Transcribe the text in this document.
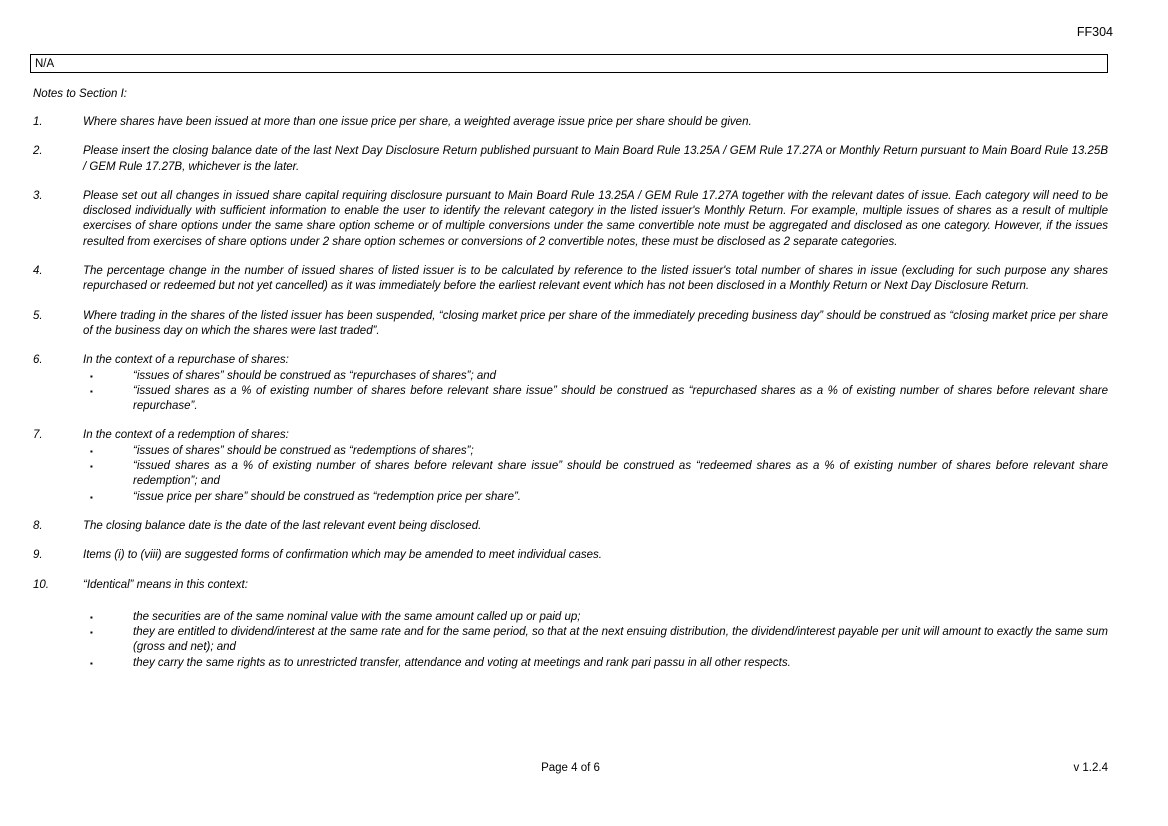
FF304
N/A
Notes to Section I:
1.	Where shares have been issued at more than one issue price per share, a weighted average issue price per share should be given.
2.	Please insert the closing balance date of the last Next Day Disclosure Return published pursuant to Main Board Rule 13.25A / GEM Rule 17.27A or Monthly Return pursuant to Main Board Rule 13.25B / GEM Rule 17.27B, whichever is the later.
3.	Please set out all changes in issued share capital requiring disclosure pursuant to Main Board Rule 13.25A / GEM Rule 17.27A together with the relevant dates of issue. Each category will need to be disclosed individually with sufficient information to enable the user to identify the relevant category in the listed issuer's Monthly Return. For example, multiple issues of shares as a result of multiple exercises of share options under the same share option scheme or of multiple conversions under the same convertible note must be aggregated and disclosed as one category. However, if the issues resulted from exercises of share options under 2 share option schemes or conversions of 2 convertible notes, these must be disclosed as 2 separate categories.
4.	The percentage change in the number of issued shares of listed issuer is to be calculated by reference to the listed issuer's total number of shares in issue (excluding for such purpose any shares repurchased or redeemed but not yet cancelled) as it was immediately before the earliest relevant event which has not been disclosed in a Monthly Return or Next Day Disclosure Return.
5.	Where trading in the shares of the listed issuer has been suspended, “closing market price per share of the immediately preceding business day” should be construed as “closing market price per share of the business day on which the shares were last traded”.
6.	In the context of a repurchase of shares:
▪	“issues of shares” should be construed as “repurchases of shares”; and
▪	“issued shares as a % of existing number of shares before relevant share issue” should be construed as “repurchased shares as a % of existing number of shares before relevant share repurchase”.
7.	In the context of a redemption of shares:
▪	“issues of shares” should be construed as “redemptions of shares”;
▪	“issued shares as a % of existing number of shares before relevant share issue” should be construed as “redeemed shares as a % of existing number of shares before relevant share redemption”; and
▪	“issue price per share” should be construed as “redemption price per share”.
8.	The closing balance date is the date of the last relevant event being disclosed.
9.	Items (i) to (viii) are suggested forms of confirmation which may be amended to meet individual cases.
10.	“Identical” means in this context:
▪	the securities are of the same nominal value with the same amount called up or paid up;
▪	they are entitled to dividend/interest at the same rate and for the same period, so that at the next ensuing distribution, the dividend/interest payable per unit will amount to exactly the same sum (gross and net); and
▪	they carry the same rights as to unrestricted transfer, attendance and voting at meetings and rank pari passu in all other respects.
Page 4 of 6	v 1.2.4
